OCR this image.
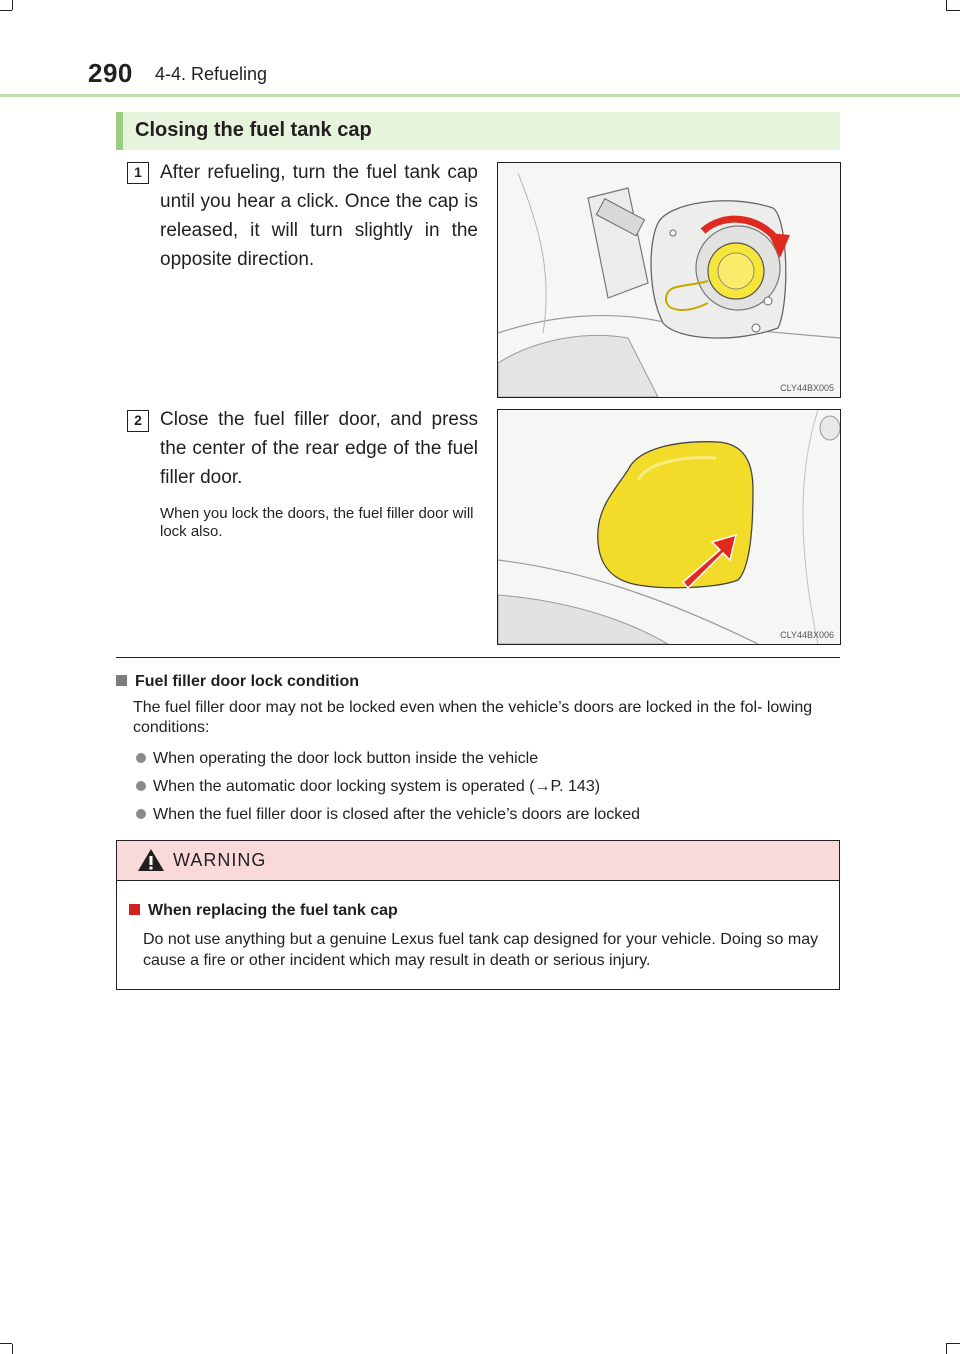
290 4-4. Refueling
Closing the fuel tank cap
1 After refueling, turn the fuel tank cap until you hear a click. Once the cap is released, it will turn slightly in the opposite direction.
CLY44BX005
2 Close the fuel filler door, and press the center of the rear edge of the fuel filler door.
When you lock the doors, the fuel filler door will lock also.
CLY44BX006
Fuel filler door lock condition
The fuel filler door may not be locked even when the vehicle’s doors are locked in the fol- lowing conditions:
When operating the door lock button inside the vehicle
When the automatic door locking system is operated (→P. 143)
When the fuel filler door is closed after the vehicle’s doors are locked
WARNING
When replacing the fuel tank cap
Do not use anything but a genuine Lexus fuel tank cap designed for your vehicle. Doing so may cause a fire or other incident which may result in death or serious injury.
